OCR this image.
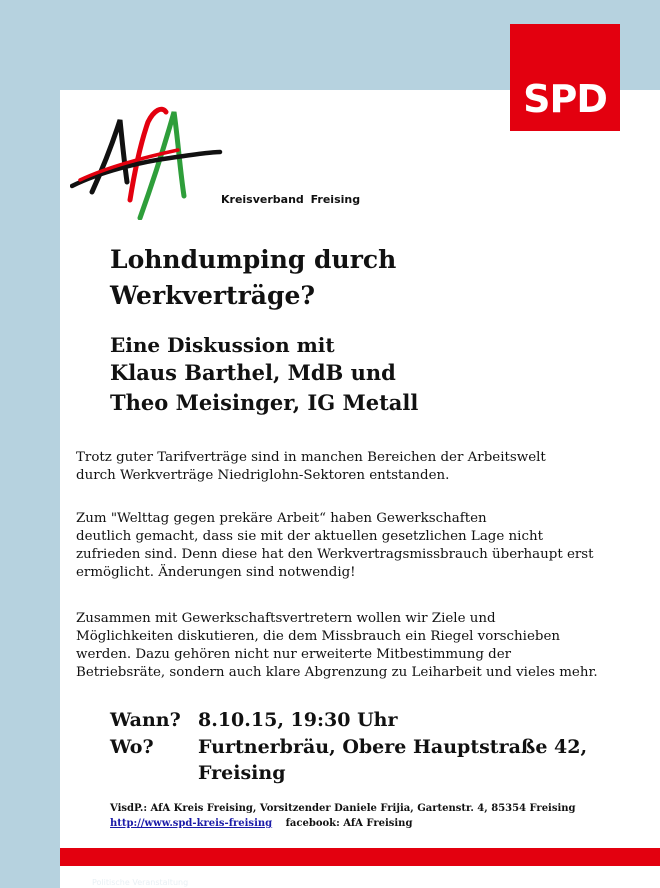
SPD
Kreisverband Freising
Lohndumping durch
Werkverträge?
Eine Diskussion mit
Klaus Barthel, MdB und
Theo Meisinger, IG Metall
Trotz guter Tarifverträge sind in manchen Bereichen der Arbeitswelt
durch Werkverträge Niedriglohn-Sektoren entstanden.
Zum "Welttag gegen prekäre Arbeit“ haben Gewerkschaften
deutlich gemacht, dass sie mit der aktuellen gesetzlichen Lage nicht
zufrieden sind. Denn diese hat den Werkvertragsmissbrauch überhaupt erst
ermöglicht. Änderungen sind notwendig!
Zusammen mit Gewerkschaftsvertretern wollen wir Ziele und
Möglichkeiten diskutieren, die dem Missbrauch ein Riegel vorschieben
werden. Dazu gehören nicht nur erweiterte Mitbestimmung der
Betriebsräte, sondern auch klare Abgrenzung zu Leiharbeit und vieles mehr.
Wann? 8.10.15, 19:30 Uhr
Wo? Furtnerbräu, Obere Hauptstraße 42,
Freising
VisdP.: AfA Kreis Freising, Vorsitzender Daniele Frijia, Gartenstr. 4, 85354 Freising
http://www.spd-kreis-freising facebook: AfA Freising
Politische Veranstaltung
